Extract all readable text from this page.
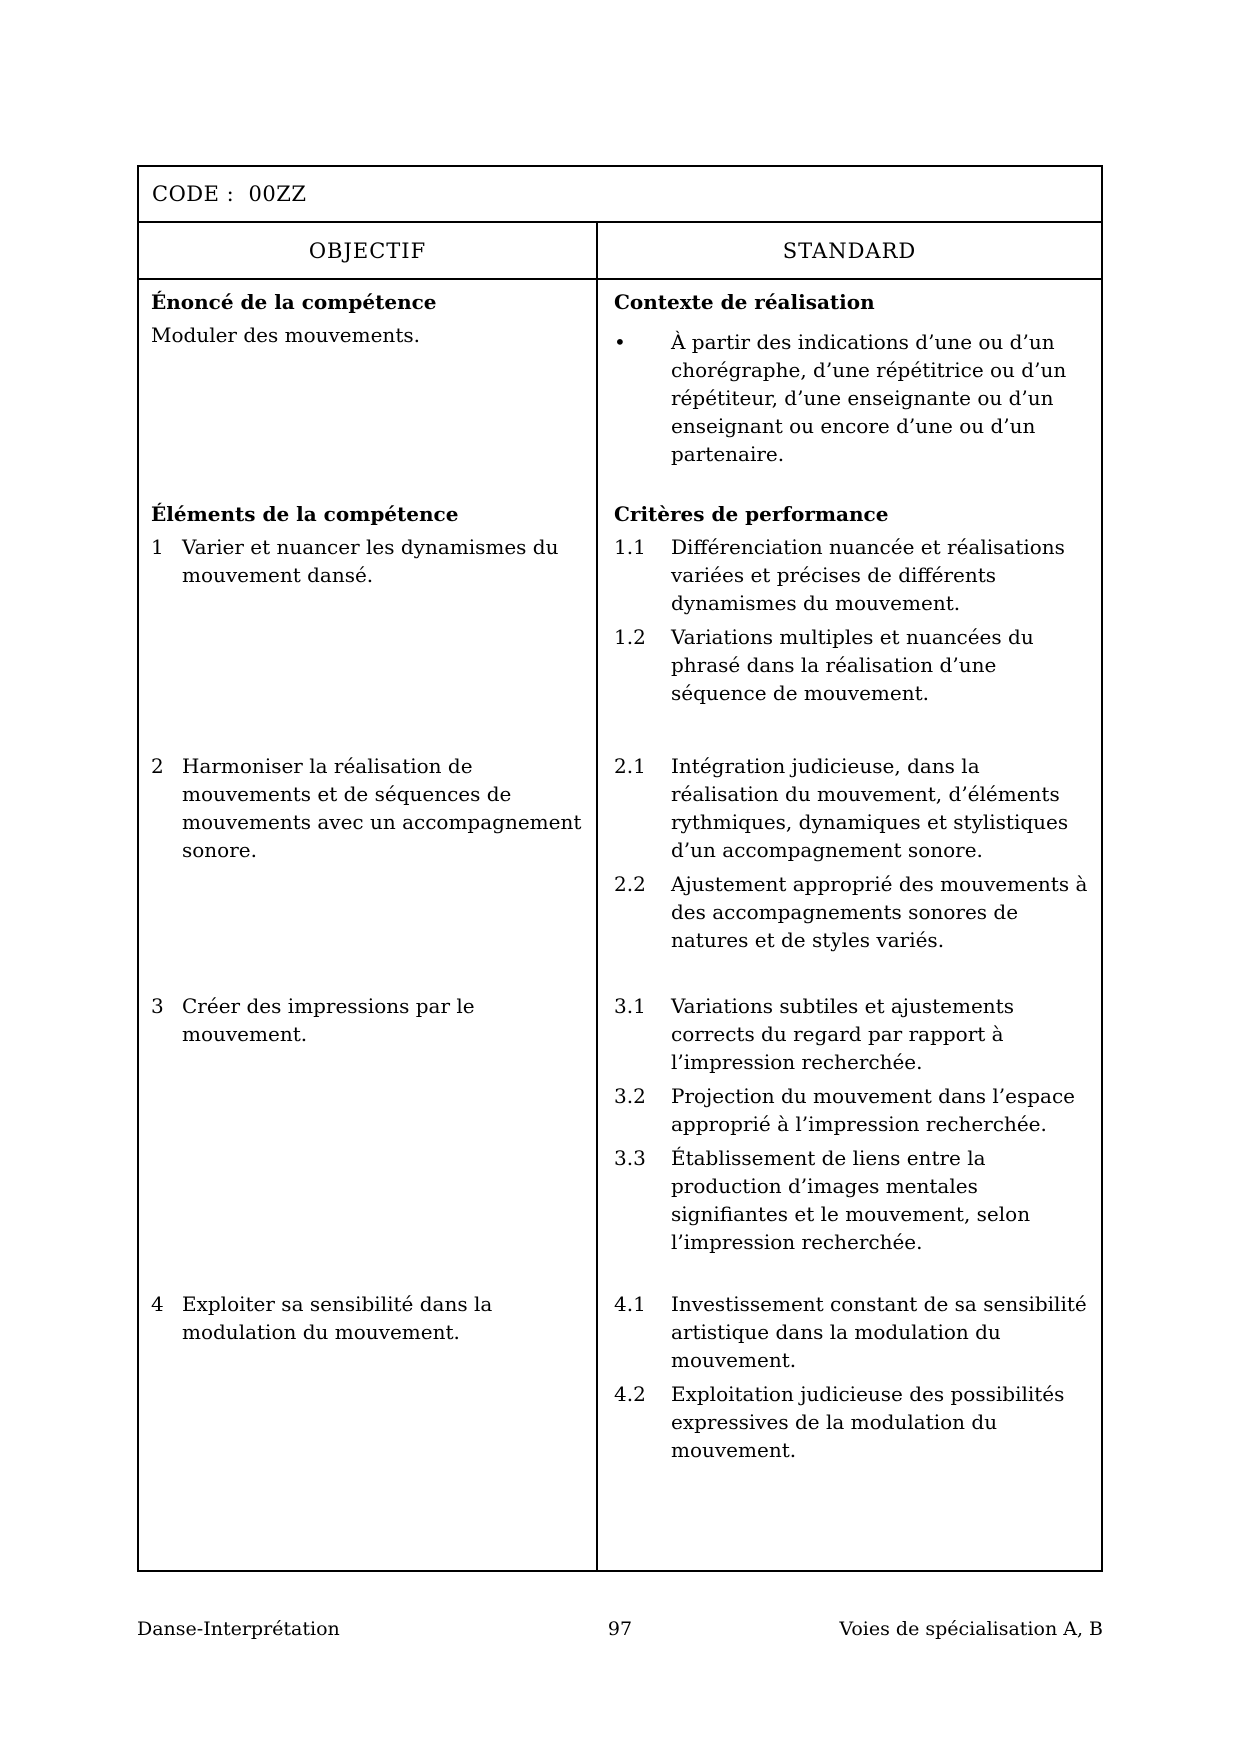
CODE :  00ZZ
OBJECTIF	STANDARD
Énoncé de la compétence
Moduler des mouvements.
Contexte de réalisation
•	À partir des indications d’une ou d’un chorégraphe, d’une répétitrice ou d’un répétiteur, d’une enseignante ou d’un enseignant ou encore d’une ou d’un partenaire.
Éléments de la compétence
1 Varier et nuancer les dynamismes du mouvement dansé.
Critères de performance
1.1	Différenciation nuancée et réalisations variées et précises de différents dynamismes du mouvement.
1.2	Variations multiples et nuancées du phrasé dans la réalisation d’une séquence de mouvement.
2 Harmoniser la réalisation de mouvements et de séquences de mouvements avec un accompagnement sonore.
2.1	Intégration judicieuse, dans la réalisation du mouvement, d’éléments rythmiques, dynamiques et stylistiques d’un accompagnement sonore.
2.2	Ajustement approprié des mouvements à des accompagnements sonores de natures et de styles variés.
3 Créer des impressions par le mouvement.
3.1	Variations subtiles et ajustements corrects du regard par rapport à l’impression recherchée.
3.2	Projection du mouvement dans l’espace approprié à l’impression recherchée.
3.3	Établissement de liens entre la production d’images mentales signifiantes et le mouvement, selon l’impression recherchée.
4 Exploiter sa sensibilité dans la modulation du mouvement.
4.1	Investissement constant de sa sensibilité artistique dans la modulation du mouvement.
4.2	Exploitation judicieuse des possibilités expressives de la modulation du mouvement.
Danse-Interprétation	97	Voies de spécialisation A, B
